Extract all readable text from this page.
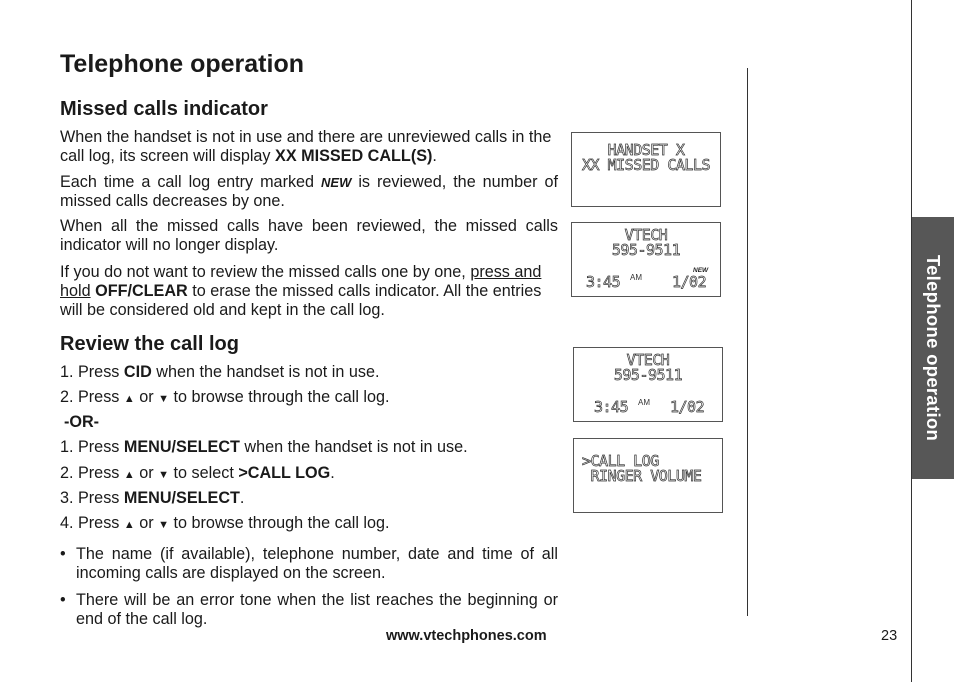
Telephone operation
Missed calls indicator

When the handset is not in use and there are unreviewed calls in the call log, its screen will display XX MISSED CALL(S).

Each time a call log entry marked NEW is reviewed, the number of missed calls decreases by one.

When all the missed calls have been reviewed, the missed calls indicator will no longer display.

If you do not want to review the missed calls one by one, press and hold OFF/CLEAR to erase the missed calls indicator. All the entries will be considered old and kept in the call log.

Review the call log
1. Press CID when the handset is not in use.
2. Press ▲ or ▼ to browse through the call log.
-OR-
1. Press MENU/SELECT when the handset is not in use.
2. Press ▲ or ▼ to select >CALL LOG.
3. Press MENU/SELECT.
4. Press ▲ or ▼ to browse through the call log.
• The name (if available), telephone number, date and time of all incoming calls are displayed on the screen.
• There will be an error tone when the list reaches the beginning or end of the call log.
HANDSET X
XX MISSED CALLS
VTECH
595-9511
NEW
3:45 AM 1/02
VTECH
595-9511
3:45 AM 1/02
>CALL LOG
RINGER VOLUME
Telephone operation
www.vtechphones.com	23
